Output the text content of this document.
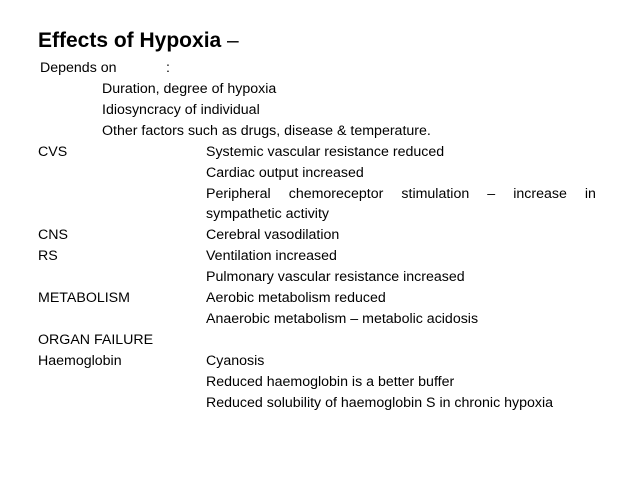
Effects of Hypoxia –
Depends on	:
Duration, degree of hypoxia
Idiosyncracy of individual
Other factors such as drugs, disease & temperature.
CVS	Systemic vascular resistance reduced
Cardiac output increased
Peripheral chemoreceptor stimulation – increase in
sympathetic activity
CNS	Cerebral vasodilation
RS	Ventilation increased
Pulmonary vascular resistance increased
METABOLISM	Aerobic metabolism reduced
Anaerobic metabolism – metabolic acidosis
ORGAN FAILURE
Haemoglobin	Cyanosis
Reduced haemoglobin is a better buffer
Reduced solubility of haemoglobin S in chronic hypoxia
